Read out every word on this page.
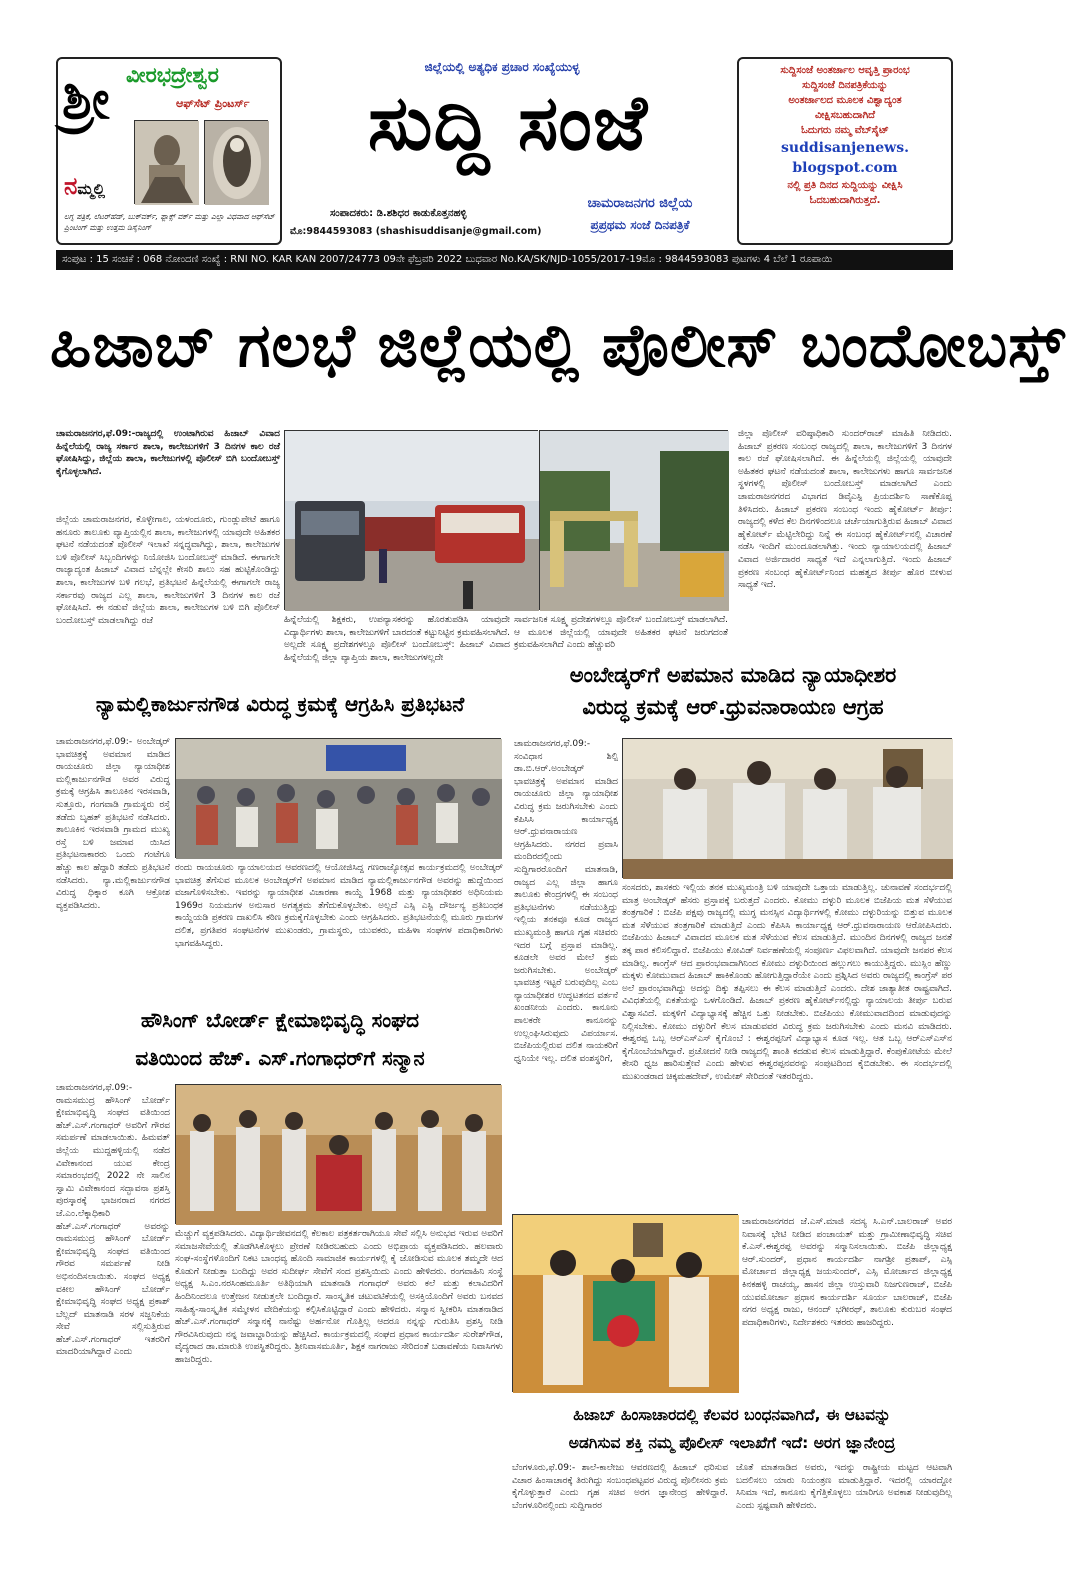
ಶ್ರೀ ವೀರಭದ್ರೇಶ್ವರ
ಆಫ್‌ಸೆಟ್ ಪ್ರಿಂಟರ್ಸ್
ನಮ್ಮಲ್ಲಿ
ಲಗ್ನ ಪತ್ರಿಕೆ, ಲೆಟರ್‌ಹೆಡ್, ಬುಕ್‌ವರ್ಕ್, ಫ್ಲಾಕ್ಸ್ ವರ್ಕ್ ಮತ್ತು ಎಲ್ಲಾ ವಿಧವಾದ ಆಫ್‌ಸೆಟ್ ಪ್ರಿಂಟಿಂಗ್ ಮತ್ತು ಉತ್ತಮ ಡಿಸೈನಿಂಗ್
ಜಿಲ್ಲೆಯಲ್ಲಿ ಅತ್ಯಧಿಕ ಪ್ರಚಾರ ಸಂಖ್ಯೆಯುಳ್ಳ
ಸುದ್ದಿ ಸಂಜೆ
ಸಂಪಾದಕರು: ಡಿ.ಶಶಿಧರ ಕಾಡುಕೊತ್ತನಹಳ್ಳಿ
ಮೊ:9844593083 (shashisuddisanje@gmail.com)
ಚಾಮರಾಜನಗರ ಜಿಲ್ಲೆಯ
ಪ್ರಪ್ರಥಮ ಸಂಜೆ ದಿನಪತ್ರಿಕೆ
ಸುದ್ದಿಸಂಜೆ ಅಂತರ್ಜಾಲ ಆವೃತ್ತಿ ಪ್ರಾರಂಭ
ಸುದ್ದಿಸಂಜೆ ದಿನಪತ್ರಿಕೆಯನ್ನು
ಅಂತರ್ಜಾಲದ ಮೂಲಕ ವಿಶ್ವಾದ್ಯಂತ
ವೀಕ್ಷಿಸಬಹುದಾಗಿದೆ
ಓದುಗರು ನಮ್ಮ ವೆಬ್‌ಸೈಟ್
suddisanjenews.
blogspot.com
ನಲ್ಲಿ ಪ್ರತಿ ದಿನದ ಸುದ್ದಿಯನ್ನು ವೀಕ್ಷಿಸಿ
ಓದಬಹುದಾಗಿರುತ್ತದೆ.
ಸಂಪುಟ : 15 ಸಂಚಿಕೆ : 068 ನೋಂದಣಿ ಸಂಖ್ಯೆ : RNI NO. KAR KAN 2007/24773 09ನೇ ಫೆಬ್ರವರಿ 2022 ಬುಧವಾರ No.KA/SK/NJD-1055/2017-19ಮೊ : 9844593083 ಪುಟಗಳು 4 ಬೆಲೆ 1 ರೂಪಾಯಿ
ಹಿಜಾಬ್ ಗಲಭೆ ಜಿಲ್ಲೆಯಲ್ಲಿ ಪೊಲೀಸ್ ಬಂದೋಬಸ್ತ್
ಚಾಮರಾಜನಗರ,ಫೆ.09:-ರಾಜ್ಯದಲ್ಲಿ ಉಂಟಾಗಿರುವ ಹಿಜಾಬ್ ವಿವಾದ ಹಿನ್ನೆಲೆಯಲ್ಲಿ ರಾಜ್ಯ ಸರ್ಕಾರ ಶಾಲಾ, ಕಾಲೇಜುಗಳಿಗೆ 3 ದಿನಗಳ ಕಾಲ ರಜೆ ಘೋಷಿಸಿದ್ದು, ಜಿಲ್ಲೆಯ ಶಾಲಾ, ಕಾಲೇಜುಗಳಲ್ಲಿ ಪೊಲೀಸ್ ಬಿಗಿ ಬಂದೋಬಸ್ತ್ ಕೈಗೊಳ್ಳಲಾಗಿದೆ.
ಜಿಲ್ಲೆಯ ಚಾಮರಾಜನಗರ, ಕೊಳ್ಳೇಗಾಲ, ಯಳಂದೂರು, ಗುಂಡ್ಲುಪೇಟೆ ಹಾಗೂ ಹನೂರು ತಾಲೂಕು ವ್ಯಾಪ್ತಿಯಲ್ಲಿನ ಶಾಲಾ, ಕಾಲೇಜುಗಳಲ್ಲಿ ಯಾವುದೇ ಅಹಿತಕರ ಘಟನೆ ನಡೆಯದಂತೆ ಪೊಲೀಸ್ ಇಲಾಖೆ ಸನ್ನದ್ಧವಾಗಿದ್ದು, ಶಾಲಾ, ಕಾಲೇಜುಗಳ ಬಳಿ ಪೊಲೀಸ್ ಸಿಬ್ಬಂದಿಗಳನ್ನು ನಿಯೋಜಿಸಿ ಬಂದೋಬಸ್ತ್ ಮಾಡಿದೆ. ಈಗಾಗಲೇ ರಾಜ್ಯಾದ್ಯಂತ ಹಿಜಾಬ್ ವಿವಾದ ಬೆನ್ನಲ್ಲೇ ಕೇಸರಿ ಶಾಲು ಸಹ ಹುಟ್ಟಿಕೊಂಡಿದ್ದು ಶಾಲಾ, ಕಾಲೇಜುಗಳ ಬಳಿ ಗಲಭೆ, ಪ್ರತಿಭಟನೆ ಹಿನ್ನೆಲೆಯಲ್ಲಿ ಈಗಾಗಲೇ ರಾಜ್ಯ ಸರ್ಕಾರವು ರಾಜ್ಯದ ಎಲ್ಲ ಶಾಲಾ, ಕಾಲೇಜುಗಳಿಗೆ 3 ದಿನಗಳ ಕಾಲ ರಜೆ ಘೋಷಿಸಿದೆ. ಈ ನಡುವೆ ಜಿಲ್ಲೆಯ ಶಾಲಾ, ಕಾಲೇಜುಗಳ ಬಳಿ ಬಿಗಿ ಪೊಲೀಸ್ ಬಂದೋಬಸ್ತ್ ಮಾಡಲಾಗಿದ್ದು ರಜೆ	ಹಿನ್ನೆಲೆಯಲ್ಲಿ ಶಿಕ್ಷಕರು, ಉಪನ್ಯಾಸಕರನ್ನು ಹೊರತುಪಡಿಸಿ ಯಾವುದೇ ವಿದ್ಯಾರ್ಥಿಗಳು ಶಾಲಾ, ಕಾಲೇಜುಗಳಿಗೆ ಬಾರದಂತೆ ಕಟ್ಟುನಿಟ್ಟಿನ ಕ್ರಮವಹಿಸಲಾಗಿದೆ. ಅಲ್ಲದೇ ಸೂಕ್ಷ್ಮ ಪ್ರದೇಶಗಳಲ್ಲೂ ಪೊಲೀಸ್ ಬಂದೋಬಸ್ತ್: ಹಿಜಾಬ್ ವಿವಾದ ಹಿನ್ನೆಲೆಯಲ್ಲಿ ಜಿಲ್ಲಾ ವ್ಯಾಪ್ತಿಯ ಶಾಲಾ, ಕಾಲೇಜುಗಳಲ್ಲದೇ
ಸಾರ್ವಜನಿಕ ಸೂಕ್ಷ್ಮ ಪ್ರದೇಶಗಳಲ್ಲೂ ಪೊಲೀಸ್ ಬಂದೋಬಸ್ತ್ ಮಾಡಲಾಗಿದೆ. ಆ ಮೂಲಕ ಜಿಲ್ಲೆಯಲ್ಲಿ ಯಾವುದೇ ಅಹಿತಕರ ಘಟನೆ ಜರುಗದಂತೆ ಕ್ರಮವಹಿಸಲಾಗಿದೆ ಎಂದು ಹೆಚ್ಚುವರಿ
ಜಿಲ್ಲಾ ಪೊಲೀಸ್ ವರಿಷ್ಠಾಧಿಕಾರಿ ಸುಂದರ್‌ರಾಜ್ ಮಾಹಿತಿ ನೀಡಿದರು. ಹಿಜಾಬ್ ಪ್ರಕರಣ ಸಂಬಂಧ ರಾಜ್ಯದಲ್ಲಿ ಶಾಲಾ, ಕಾಲೇಜುಗಳಿಗೆ 3 ದಿನಗಳ ಕಾಲ ರಜೆ ಘೋಷಿಸಲಾಗಿದೆ. ಈ ಹಿನ್ನೆಲೆಯಲ್ಲಿ ಜಿಲ್ಲೆಯಲ್ಲಿ ಯಾವುದೇ ಅಹಿತಕರ ಘಟನೆ ನಡೆಯದಂತೆ ಶಾಲಾ, ಕಾಲೇಜುಗಳು ಹಾಗೂ ಸಾರ್ವಜನಿಕ ಸ್ಥಳಗಳಲ್ಲಿ ಪೊಲೀಸ್ ಬಂದೋಬಸ್ತ್ ಮಾಡಲಾಗಿದೆ ಎಂದು ಚಾಮರಾಜನಗರದ ವಿಭಾಗದ ಡಿವೈಎಸ್ಪಿ ಪ್ರಿಯದರ್ಶಿನಿ ಸಾಣೆಕೊಪ್ಪ ತಿಳಿಸಿದರು. ಹಿಜಾಬ್ ಪ್ರಕರಣ ಸಂಬಂಧ ಇಂದು ಹೈಕೋರ್ಟ್ ತೀರ್ಪು: ರಾಜ್ಯದಲ್ಲಿ ಕಳೆದ ಕೆಲ ದಿನಗಳಿಂದಲೂ ಚರ್ಚೆಯಾಗುತ್ತಿರುವ ಹಿಜಾಬ್ ವಿವಾದ ಹೈಕೋರ್ಟ್ ಮೆಟ್ಟಿಲೇರಿದ್ದು ನಿನ್ನೆ ಈ ಸಂಬಂಧ ಹೈಕೋರ್ಟ್‌ನಲ್ಲಿ ವಿಚಾರಣೆ ನಡೆಸಿ ಇಂದಿಗೆ ಮುಂದೂಡಲಾಗಿತ್ತು. ಇಂದು ನ್ಯಾಯಾಲಯದಲ್ಲಿ ಹಿಜಾಬ್ ವಿವಾದ ಅರ್ಜಿದಾರರ ಸಾಧ್ಯತೆ ಇದೆ ಎನ್ನಲಾಗುತ್ತಿದೆ. ಇಂದು ಹಿಜಾಬ್ ಪ್ರಕರಣ ಸಂಬಂಧ ಹೈಕೋರ್ಟ್‌ನಿಂದ ಮಹತ್ವದ ತೀರ್ಪು ಹೊರ ಬೀಳುವ ಸಾಧ್ಯತೆ ಇದೆ.
ಅಂಬೇಡ್ಕರ್‌ಗೆ ಅಪಮಾನ ಮಾಡಿದ ನ್ಯಾಯಾಧೀಶರ
ವಿರುದ್ಧ ಕ್ರಮಕ್ಕೆ ಆರ್.ಧ್ರುವನಾರಾಯಣ ಆಗ್ರಹ
ನ್ಯಾಮಲ್ಲಿಕಾರ್ಜುನಗೌಡ ವಿರುದ್ಧ ಕ್ರಮಕ್ಕೆ ಆಗ್ರಹಿಸಿ ಪ್ರತಿಭಟನೆ
ಚಾಮರಾಜನಗರ,ಫೆ.09:- ಅಂಬೇಡ್ಕರ್ ಭಾವಚಿತ್ರಕ್ಕೆ ಅವಮಾನ ಮಾಡಿದ ರಾಯಚೂರು ಜಿಲ್ಲಾ ನ್ಯಾಯಾಧೀಶ ಮಲ್ಲಿಕಾರ್ಜುನಗೌಡ ಅವರ ವಿರುದ್ಧ ಕ್ರಮಕ್ಕೆ ಆಗ್ರಹಿಸಿ ತಾಲೂಕಿನ ಇರಸವಾಡಿ, ಸುತ್ತೂರು, ಗಂಗವಾಡಿ ಗ್ರಾಮಸ್ಥರು ರಸ್ತೆ ತಡೆದು ಬೃಹತ್ ಪ್ರತಿಭಟನೆ ನಡೆಸಿದರು. ತಾಲೂಕಿನ ಇರಸವಾಡಿ ಗ್ರಾಮದ ಮುಖ್ಯ ರಸ್ತೆ ಬಳಿ ಜಮಾವ ಯಿಸಿದ ಪ್ರತಿಭಟನಾಕಾರರು ಒಂದು ಗಂಟೆಗೂ ಹೆಚ್ಚು ಕಾಲ ಹೆದ್ದಾರಿ ತಡೆದು ಪ್ರತಿಭಟನೆ ನಡೆಸಿದರು. ನ್ಯಾ.ಮಲ್ಲಿಕಾರ್ಜುನಗೌಡ ವಿರುದ್ಧ ಧಿಕ್ಕಾರ ಕೂಗಿ ಆಕ್ರೋಶ ವ್ಯಕ್ತಪಡಿಸಿದರು.
ರಂದು ರಾಯಚೂರು ನ್ಯಾಯಾಲಯದ ಆವರಣದಲ್ಲಿ ಆಯೋಜಿಸಿದ್ದ ಗಣರಾಜ್ಯೋತ್ಸವ ಕಾರ್ಯಕ್ರಮದಲ್ಲಿ ಅಂಬೇಡ್ಕರ್ ಭಾವಚಿತ್ರ ತೆಗೆಸುವ ಮೂಲಕ ಅಂಬೇಡ್ಕರ್‌ಗೆ ಅಪಮಾನ ಮಾಡಿದ ನ್ಯಾಮಲ್ಲಿಕಾರ್ಜುನಗೌಡ ಅವರನ್ನು ಹುದ್ದೆಯಿಂದ ವಜಾಗೊಳಿಸಬೇಕು. ಇವರನ್ನು ನ್ಯಾಯಾಧೀಶ ವಿಚಾರಣಾ ಕಾಯ್ದೆ 1968 ಮತ್ತು ನ್ಯಾಯಾಧೀಶರ ಅಧಿನಿಯಮ 1969ರ ನಿಯಮಗಳ ಅನುಸಾರ ಅಗತ್ಯಕ್ರಮ ತೆಗೆದುಕೊಳ್ಳಬೇಕು. ಅಲ್ಲದೆ ಎಸ್ಸಿ ಎಸ್ಟಿ ದೌರ್ಜನ್ಯ ಪ್ರತಿಬಂಧಕ ಕಾಯ್ದೆಯಡಿ ಪ್ರಕರಣ ದಾಖಲಿಸಿ ಕಠಿಣ ಕ್ರಮಕೈಗೊಳ್ಳಬೇಕು ಎಂದು ಆಗ್ರಹಿಸಿದರು. ಪ್ರತಿಭಟನೆಯಲ್ಲಿ ಮೂರು ಗ್ರಾಮಗಳ ದಲಿತ, ಪ್ರಗತಿಪರ ಸಂಘಟನೆಗಳ ಮುಖಂಡರು, ಗ್ರಾಮಸ್ಥರು, ಯುವಕರು, ಮಹಿಳಾ ಸಂಘಗಳ ಪದಾಧಿಕಾರಿಗಳು ಭಾಗವಹಿಸಿದ್ದರು.
ಚಾಮರಾಜನಗರ,ಫೆ.09:- ಸಂವಿಧಾನ ಶಿಲ್ಪಿ ಡಾ.ಬಿ.ಆರ್.ಅಂಬೇಡ್ಕರ್ ಭಾವಚಿತ್ರಕ್ಕೆ ಅಪಮಾನ ಮಾಡಿದ ರಾಯಚೂರು ಜಿಲ್ಲಾ ನ್ಯಾಯಾಧೀಶ ವಿರುದ್ಧ ಕ್ರಮ ಜರುಗಿಸಬೇಕು ಎಂದು ಕೆಪಿಸಿಸಿ ಕಾರ್ಯಾಧ್ಯಕ್ಷ ಆರ್.ಧ್ರುವನಾರಾಯಣ ಆಗ್ರಹಿಸಿದರು. ನಗರದ ಪ್ರವಾಸಿ ಮಂದಿರದಲ್ಲಿಂದು ಸುದ್ದಿಗಾರರೊಂದಿಗೆ ಮಾತನಾಡಿ, ರಾಜ್ಯದ ಎಲ್ಲ ಜಿಲ್ಲಾ ಹಾಗೂ ತಾಲೂಕು ಕೇಂದ್ರಗಳಲ್ಲಿ ಈ ಸಂಬಂಧ ಪ್ರತಿಭಟನೆಗಳು ನಡೆಯುತ್ತಿದ್ದು ಇಲ್ಲಿಯ ತನಕವೂ ಕೂಡ ರಾಜ್ಯದ ಮುಖ್ಯಮಂತ್ರಿ ಹಾಗೂ ಗೃಹ ಸಚಿವರು ಇದರ ಬಗ್ಗೆ ಪ್ರಸ್ತಾಪ ಮಾಡಿಲ್ಲ. ಕೂಡಲೇ ಅವರ ಮೇಲೆ ಕ್ರಮ ಜರುಗಿಸಬೇಕು. ಅಂಬೇಡ್ಕರ್ ಭಾವಚಿತ್ರ ಇಟ್ಟರೆ ಬರುವುದಿಲ್ಲ ಎಂಬ ನ್ಯಾಯಾಧೀಶರ ಉದ್ಧಟತನದ ವರ್ತನೆ ಖಂಡನೀಯ ಎಂದರು. ಕಾನೂನು ಪಾಲಕರೇ ಕಾನೂನನ್ನು ಉಲ್ಲಂಘಿಸಿರುವುದು ವಿಪರ್ಯಾಸ. ಬಿಜೆಪಿಯಲ್ಲಿರುವ ದಲಿತ ನಾಯಕರಿಗೆ ಧ್ವನಿಯೇ ಇಲ್ಲ. ದಲಿತ ವಂಶಸ್ಥರಿಗೆ,
ಸಂಸದರು, ಶಾಸಕರು ಇಲ್ಲಿಯ ತನಕ ಮುಖ್ಯಮಂತ್ರಿ ಬಳಿ ಯಾವುದೇ ಒತ್ತಾಯ ಮಾಡುತ್ತಿಲ್ಲ. ಚುನಾವಣೆ ಸಂದರ್ಭದಲ್ಲಿ ಮಾತ್ರ ಅಂಬೇಡ್ಕರ್ ಹೆಸರು ಪ್ರಸ್ತಾಪಕ್ಕೆ ಬರುತ್ತದೆ ಎಂದರು. ಕೋಮು ದಳ್ಳುರಿ ಮೂಲಕ ಬಿಜೆಪಿಯ ಮತ ಸೆಳೆಯುವ ತಂತ್ರಗಾರಿಕೆ : ಬಿಜೆಪಿ ಪಕ್ಷವು ರಾಜ್ಯದಲ್ಲಿ ಮುಗ್ಧ ಮನಸ್ಸಿನ ವಿದ್ಯಾರ್ಥಿಗಳಲ್ಲಿ ಕೋಮು ದಳ್ಳುರಿಯನ್ನು ಬಿತ್ತುವ ಮೂಲಕ ಮತ ಸೆಳೆಯುವ ತಂತ್ರಗಾರಿಕೆ ಮಾಡುತ್ತಿದೆ ಎಂದು ಕೆಪಿಸಿಸಿ ಕಾರ್ಯಾಧ್ಯಕ್ಷ ಆರ್.ಧ್ರುವನಾರಾಯಣ ಆರೋಪಿಸಿದರು. ಬಿಜೆಪಿಯು ಹಿಜಾಬ್ ವಿವಾದದ ಮೂಲಕ ಮತ ಸೆಳೆಯುವ ಕೆಲಸ ಮಾಡುತ್ತಿದೆ. ಮುಂದಿನ ದಿನಗಳಲ್ಲಿ ರಾಜ್ಯದ ಜನತೆ ತಕ್ಕ ಪಾಠ ಕಲಿಸಲಿದ್ದಾರೆ. ಬಿಜೆಪಿಯು ಕೋವಿಡ್ ನಿರ್ವಹಣೆಯಲ್ಲಿ ಸಂಪೂರ್ಣ ವಿಫಲವಾಗಿದೆ. ಯಾವುದೇ ಜನಪರ ಕೆಲಸ ಮಾಡಿಲ್ಲ. ಕಾಂಗ್ರೆಸ್ ಆದ ಪ್ರಾರಂಭವಾದಾಗಿನಿಂದ ಕೋಮು ದಳ್ಳುರಿಯಿಂದ ಹಲ್ಲುಗಲು ಕಾಯುತ್ತಿದ್ದರು. ಮುಸ್ಲಿಂ ಹೆಣ್ಣು ಮಕ್ಕಳು ಕೋಮುವಾದ ಹಿಜಾಬ್ ಹಾಕಿಕೊಂಡು ಹೋಗುತ್ತಿದ್ದಾರೆಯೇ ಎಂದು ಪ್ರಶ್ನಿಸಿದ ಅವರು ರಾಜ್ಯದಲ್ಲಿ ಕಾಂಗ್ರೆಸ್ ಪರ ಅಲೆ ಪ್ರಾರಂಭವಾಗಿದ್ದು ಅದನ್ನು ದಿಕ್ಕು ತಪ್ಪಿಸಲು ಈ ಕೆಲಸ ಮಾಡುತ್ತಿದೆ ಎಂದರು. ದೇಶ ಜಾತ್ಯಾತೀತ ರಾಷ್ಟ್ರವಾಗಿದೆ. ವಿವಿಧತೆಯಲ್ಲಿ ಏಕತೆಯನ್ನು ಒಳಗೊಂಡಿದೆ. ಹಿಜಾಬ್ ಪ್ರಕರಣ ಹೈಕೋರ್ಟ್‌ನಲ್ಲಿದ್ದು ನ್ಯಾಯಾಲಯ ತೀರ್ಪು ಬರುವ ವಿಶ್ವಾಸವಿದೆ. ಮಕ್ಕಳಿಗೆ ವಿದ್ಯಾಭ್ಯಾಸಕ್ಕೆ ಹೆಚ್ಚಿನ ಒತ್ತು ನೀಡಬೇಕು. ಬಿಜೆಪಿಯು ಕೋಮುವಾದದಿಂದ ಮಾಡುವುದನ್ನು ನಿಲ್ಲಿಸಬೇಕು. ಕೋಮು ದಳ್ಳುರಿಗೆ ಕೆಲಸ ಮಾಡುವವರ ವಿರುದ್ಧ ಕ್ರಮ ಜರುಗಿಸಬೇಕು ಎಂದು ಮನವಿ ಮಾಡಿದರು. ಈಶ್ವರಪ್ಪ ಒಬ್ಬ ಆರ್‌ಎಸ್‌ಎಸ್ ಕೈಗೊಂಬೆ : ಈಶ್ವರಪ್ಪನಿಗೆ ವಿದ್ಯಾಭ್ಯಾಸ ಕೂಡ ಇಲ್ಲ. ಆತ ಒಬ್ಬ ಆರ್‌ಎಸ್‌ಎಸ್‌ನ ಕೈಗೊಂಬೆಯಾಗಿದ್ದಾರೆ. ಪ್ರಚೋದನೆ ನೀಡಿ ರಾಜ್ಯದಲ್ಲಿ ಶಾಂತಿ ಕದಡುವ ಕೆಲಸ ಮಾಡುತ್ತಿದ್ದಾರೆ. ಕೆಂಪುಕೋಟೆಯ ಮೇಲೆ ಕೇಸರಿ ಧ್ವಜ ಹಾರಿಸುತ್ತೇವೆ ಎಂದು ಹೇಳುವ ಈಶ್ವರಪ್ಪನವರನ್ನು ಸಂಪುಟದಿಂದ ಕೈಬಿಡಬೇಕು. ಈ ಸಂದರ್ಭದಲ್ಲಿ ಮುಖಂಡರಾದ ಚಿಕ್ಕಮಹದೇವ್, ಉಮೇಶ್ ಸೇರಿದಂತೆ ಇತರರಿದ್ದರು.
ಹೌಸಿಂಗ್ ಬೋರ್ಡ್ ಕ್ಷೇಮಾಭಿವೃದ್ಧಿ ಸಂಘದ
ವತಿಯಿಂದ ಹೆಚ್. ಎಸ್.ಗಂಗಾಧರ್‌ಗೆ ಸನ್ಮಾನ
ಚಾಮರಾಜನಗರ,ಫೆ.09:- ರಾಮಸಮುದ್ರ ಹೌಸಿಂಗ್ ಬೋರ್ಡ್ ಕ್ಷೇಮಾಭಿವೃದ್ಧಿ ಸಂಘದ ವತಿಯಿಂದ ಹೆಚ್.ಎಸ್.ಗಂಗಾಧರ್ ಅವರಿಗೆ ಗೌರವ ಸಮರ್ಪಣೆ ಮಾಡಲಾಯಿತು. ಹಿಮವತ್ ಜಿಲ್ಲೆಯ ಮುದ್ದಹಳ್ಳಿಯಲ್ಲಿ ನಡೆದ ವಿವೇಕಾನಂದ ಯುವ ಕೇಂದ್ರ ಸಮಾರಂಭದಲ್ಲಿ 2022 ನೇ ಸಾಲಿನ ಸ್ವಾಮಿ ವಿವೇಕಾನಂದ ಸದ್ಭಾವನಾ ಪ್ರಶಸ್ತಿ ಪುರಸ್ಕಾರಕ್ಕೆ ಭಾಜನರಾದ ನಗರದ ಜೆ.ಎಂ.ಲೆಕ್ಕಾಧಿಕಾರಿ ಹೆಚ್.ಎಸ್.ಗಂಗಾಧರ್ ಅವರನ್ನು ರಾಮಸಮುದ್ರ ಹೌಸಿಂಗ್ ಬೋರ್ಡ್ ಕ್ಷೇಮಾಭಿವೃದ್ಧಿ ಸಂಘದ ವತಿಯಿಂದ ಗೌರವ ಸಮರ್ಪಣೆ ನೀಡಿ ಅಭಿನಂದಿಸಲಾಯಿತು. ಸಂಘದ ಅಧ್ಯಕ್ಷ ವಕೀಲ ಹೌಸಿಂಗ್ ಬೋರ್ಡ್ ಕ್ಷೇಮಾಭಿವೃದ್ಧಿ ಸಂಘದ ಅಧ್ಯಕ್ಷ ಪ್ರಕಾಶ್ ಬೆಲ್ಲದ್ ಮಾತನಾಡಿ ಸರಳ ಸಜ್ಜನಿಕೆಯ ಸೇವೆ ಸಲ್ಲಿಸುತ್ತಿರುವ ಹೆಚ್.ಎಸ್.ಗಂಗಾಧರ್ ಇತರರಿಗೆ ಮಾದರಿಯಾಗಿದ್ದಾರೆ ಎಂದು
ಮೆಚ್ಚುಗೆ ವ್ಯಕ್ತಪಡಿಸಿದರು. ವಿದ್ಯಾರ್ಥಿಜೀವನದಲ್ಲಿ ಕೆಲಕಾಲ ಪತ್ರಕರ್ತರಾಗಿಯೂ ಸೇವೆ ಸಲ್ಲಿಸಿ ಅನುಭವ ಇರುವ ಅವರಿಗೆ ಸಮಾಜಸೇವೆಯಲ್ಲಿ ತೊಡಗಿಸಿಕೊಳ್ಳಲು ಪ್ರೇರಣೆ ನೀಡಿರಬಹುದು ಎಂದು ಅಭಿಪ್ರಾಯ ವ್ಯಕ್ತಪಡಿಸಿದರು. ಹಲವಾರು ಸಂಘ-ಸಂಸ್ಥೆಗಳೊಂದಿಗೆ ನಿಕಟ ಬಾಂಧವ್ಯ ಹೊಂದಿ ಸಾಮಾಜಿಕ ಕಾರ್ಯಗಳಲ್ಲಿ ಕೈ ಜೋಡಿಸುವ ಮೂಲಕ ತಮ್ಮದೇ ಆದ ಕೊಡುಗೆ ನೀಡುತ್ತಾ ಬಂದಿದ್ದು ಅವರ ಸುದೀರ್ಘ ಸೇವೆಗೆ ಸಂದ ಪ್ರಶಸ್ತಿಯಿದು ಎಂದು ಹೇಳಿದರು. ರಂಗವಾಹಿನಿ ಸಂಸ್ಥೆ ಅಧ್ಯಕ್ಷ ಸಿ.ಎಂ.ನರಸಿಂಹಮೂರ್ತಿ ಅತಿಥಿಯಾಗಿ ಮಾತನಾಡಿ ಗಂಗಾಧರ್ ಅವರು ಕಲೆ ಮತ್ತು ಕಲಾವಿದರಿಗೆ ಹಿಂದಿನಿಂದಲೂ ಉತ್ತೇಜನ ನೀಡುತ್ತಲೇ ಬಂದಿದ್ದಾರೆ. ಸಾಂಸ್ಕೃತಿಕ ಚಟುವಟಿಕೆಯಲ್ಲಿ ಅಸಕ್ತಿಯೊಂದಿಗೆ ಅವರು ಬನವದ ಸಾಹಿತ್ಯ-ಸಾಂಸ್ಕೃತಿಕ ಸಮ್ಮೇಳನ ವೇದಿಕೆಯನ್ನು ಕಲ್ಪಿಸಿಕೊಟ್ಟಿದ್ದಾರೆ ಎಂದು ಹೇಳಿದರು. ಸನ್ಮಾನ ಸ್ವೀಕರಿಸಿ ಮಾತನಾಡಿದ ಹೆಚ್.ಎಸ್.ಗಂಗಾಧರ್ ಸನ್ಮಾನಕ್ಕೆ ನಾನೆಷ್ಟು ಅರ್ಹನೋ ಗೊತ್ತಿಲ್ಲ ಆದರೂ ನನ್ನನ್ನು ಗುರುತಿಸಿ ಪ್ರಶಸ್ತಿ ನೀಡಿ ಗೌರವಿಸಿರುವುದು ನನ್ನ ಜವಾಬ್ದಾರಿಯನ್ನು ಹೆಚ್ಚಿಸಿದೆ. ಕಾರ್ಯಕ್ರಮದಲ್ಲಿ ಸಂಘದ ಪ್ರಧಾನ ಕಾರ್ಯದರ್ಶಿ ಸುರೇಶ್‌ಗೌಡ, ವೈದ್ಯರಾದ ಡಾ.ಮಾರುತಿ ಉಪಸ್ಥಿತರಿದ್ದರು. ಶ್ರೀನಿವಾಸಮೂರ್ತಿ, ಶಿಕ್ಷಕ ನಾಗರಾಜು ಸೇರಿದಂತೆ ಬಡಾವಣೆಯ ನಿವಾಸಿಗಳು ಹಾಜರಿದ್ದರು.
ಚಾಮರಾಜನಗರದ ಜೆ.ಎಸ್.ಮಾಜಿ ಸದಸ್ಯ ಸಿ.ಎನ್.ಬಾಲರಾಜ್ ಅವರ ನಿವಾಸಕ್ಕೆ ಭೇಟಿ ನೀಡಿದ ಪಂಚಾಯತ್ ಮತ್ತು ಗ್ರಾಮೀಣಾಭಿವೃದ್ಧಿ ಸಚಿವ ಕೆ.ಎಸ್.ಈಶ್ವರಪ್ಪ ಅವರನ್ನು ಸನ್ಮಾನಿಸಲಾಯಿತು. ಬಿಜೆಪಿ ಜಿಲ್ಲಾಧ್ಯಕ್ಷ ಆರ್.ಸುಂದರ್, ಪ್ರಧಾನ ಕಾರ್ಯದರ್ಶಿ ನಾಗಶ್ರೀ ಪ್ರತಾಪ್, ಎಸ್ಸಿ ಮೋರ್ಚಾದ ಜಿಲ್ಲಾಧ್ಯಕ್ಷ ಜಯಸುಂದರ್, ಎಸ್ಸಿ ಮೋರ್ಚಾದ ಜಿಲ್ಲಾಧ್ಯಕ್ಷ ಕಿನಕಹಳ್ಳಿ ರಾಚಯ್ಯ, ಹಾಸನ ಜಿಲ್ಲಾ ಉಸ್ತುವಾರಿ ನಿಜಗುಣರಾಜ್, ಬಿಜೆಪಿ ಯುವಮೋರ್ಚಾ ಪ್ರಧಾನ ಕಾರ್ಯದರ್ಶಿ ಸೂರ್ಯ ಬಾಲರಾಜ್, ಬಿಜೆಪಿ ನಗರ ಅಧ್ಯಕ್ಷ ರಾಜು, ಆನಂದ್ ಭಗೀರಥ್, ತಾಲೂಕು ಕುರುಬರ ಸಂಘದ ಪದಾಧಿಕಾರಿಗಳು, ನಿರ್ದೇಶಕರು ಇತರರು ಹಾಜರಿದ್ದರು.
ಹಿಜಾಬ್ ಹಿಂಸಾಚಾರದಲ್ಲಿ ಕೆಲವರ ಬಂಧನವಾಗಿದೆ, ಈ ಆಟವನ್ನು
ಅಡಗಿಸುವ ಶಕ್ತಿ ನಮ್ಮ ಪೊಲೀಸ್ ಇಲಾಖೆಗೆ ಇದೆ: ಅರಗ ಜ್ಞಾನೇಂದ್ರ
ಬೆಂಗಳೂರು,ಫೆ.09:- ಶಾಲೆ-ಕಾಲೇಜು ಆವರಣದಲ್ಲಿ ಹಿಜಾಬ್ ಧರಿಸುವ ವಿಚಾರ ಹಿಂಸಾಚಾರಕ್ಕೆ ತಿರುಗಿದ್ದು ಸಂಬಂಧಪಟ್ಟವರ ವಿರುದ್ಧ ಪೊಲೀಸರು ಕ್ರಮ ಕೈಗೊಳ್ಳುತ್ತಾರೆ ಎಂದು ಗೃಹ ಸಚಿವ ಅರಗ ಜ್ಞಾನೇಂದ್ರ ಹೇಳಿದ್ದಾರೆ. ಬೆಂಗಳೂರಿನಲ್ಲಿಂದು ಸುದ್ದಿಗಾರರ
ಜೊತೆ ಮಾತನಾಡಿದ ಅವರು, ಇದನ್ನು ರಾಷ್ಟ್ರೀಯ ಮಟ್ಟದ ಆಟವಾಗಿ ಬದಲಿಸಲು ಯಾರು ನಿಯಂತ್ರಣ ಮಾಡುತ್ತಿದ್ದಾರೆ. ಇದರಲ್ಲಿ ಯಾರದ್ದೋ ಸಿನಿಮಾ ಇದೆ, ಕಾನೂನು ಕೈಗೆತ್ತಿಕೊಳ್ಳಲು ಯಾರಿಗೂ ಅವಕಾಶ ನೀಡುವುದಿಲ್ಲ ಎಂದು ಸ್ಪಷ್ಟವಾಗಿ ಹೇಳಿದರು.
